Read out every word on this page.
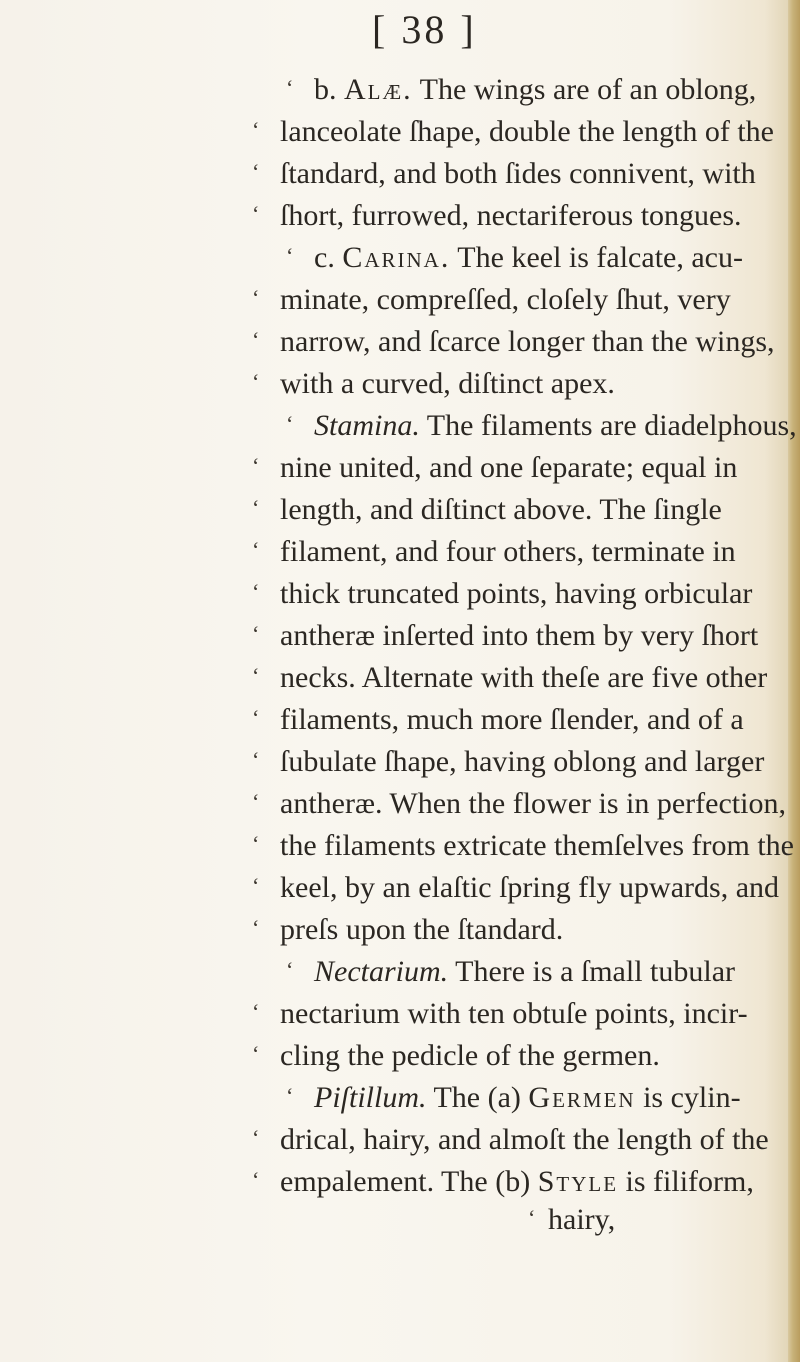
[ 38 ]
‘ b. Alæ. The wings are of an oblong,
‘ lanceolate ſhape, double the length of the
‘ ſtandard, and both ſides connivent, with
‘ ſhort, furrowed, nectariferous tongues.
‘ c. Carina. The keel is falcate, acu-
‘ minate, compreſſed, cloſely ſhut, very
‘ narrow, and ſcarce longer than the wings,
‘ with a curved, diſtinct apex.
‘ Stamina. The filaments are diadelphous,
‘ nine united, and one ſeparate; equal in
‘ length, and diſtinct above. The ſingle
‘ filament, and four others, terminate in
‘ thick truncated points, having orbicular
‘ antheræ inſerted into them by very ſhort
‘ necks. Alternate with theſe are five other
‘ filaments, much more ſlender, and of a
‘ ſubulate ſhape, having oblong and larger
‘ antheræ. When the flower is in perfection,
‘ the filaments extricate themſelves from the
‘ keel, by an elaſtic ſpring fly upwards, and
‘ preſs upon the ſtandard.
‘ Nectarium. There is a ſmall tubular
‘ nectarium with ten obtuſe points, incir-
‘ cling the pedicle of the germen.
‘ Piſtillum. The (a) Germen is cylin-
‘ drical, hairy, and almoſt the length of the
‘ empalement. The (b) Style is filiform,
‘ hairy,
